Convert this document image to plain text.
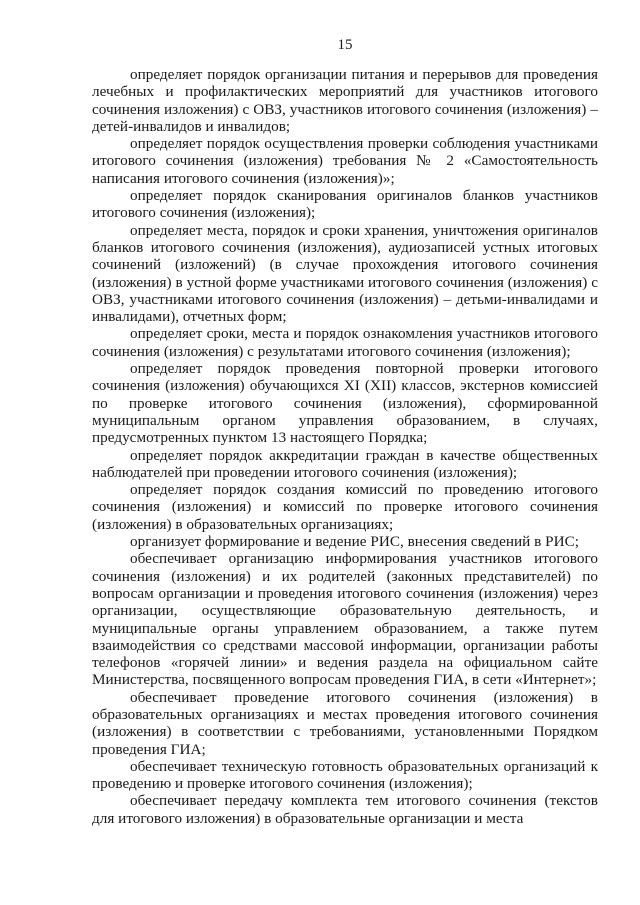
15

определяет порядок организации питания и перерывов для проведения лечебных и профилактических мероприятий для участников итогового сочинения изложения) с ОВЗ, участников итогового сочинения (изложения) – детей-инвалидов и инвалидов;

определяет порядок осуществления проверки соблюдения участниками итогового сочинения (изложения) требования № 2 «Самостоятельность написания итогового сочинения (изложения)»;

определяет порядок сканирования оригиналов бланков участников итогового сочинения (изложения);

определяет места, порядок и сроки хранения, уничтожения оригиналов бланков итогового сочинения (изложения), аудиозаписей устных итоговых сочинений (изложений) (в случае прохождения итогового сочинения (изложения) в устной форме участниками итогового сочинения (изложения) с ОВЗ, участниками итогового сочинения (изложения) – детьми-инвалидами и инвалидами), отчетных форм;

определяет сроки, места и порядок ознакомления участников итогового сочинения (изложения) с результатами итогового сочинения (изложения);

определяет порядок проведения повторной проверки итогового сочинения (изложения) обучающихся XI (XII) классов, экстернов комиссией по проверке итогового сочинения (изложения), сформированной муниципальным органом управления образованием, в случаях, предусмотренных пунктом 13 настоящего Порядка;

определяет порядок аккредитации граждан в качестве общественных наблюдателей при проведении итогового сочинения (изложения);

определяет порядок создания комиссий по проведению итогового сочинения (изложения) и комиссий по проверке итогового сочинения (изложения) в образовательных организациях;

организует формирование и ведение РИС, внесения сведений в РИС;

обеспечивает организацию информирования участников итогового сочинения (изложения) и их родителей (законных представителей) по вопросам организации и проведения итогового сочинения (изложения) через организации, осуществляющие образовательную деятельность, и муниципальные органы управлением образованием, а также путем взаимодействия со средствами массовой информации, организации работы телефонов «горячей линии» и ведения раздела на официальном сайте Министерства, посвященного вопросам проведения ГИА, в сети «Интернет»;

обеспечивает проведение итогового сочинения (изложения) в образовательных организациях и местах проведения итогового сочинения (изложения) в соответствии с требованиями, установленными Порядком проведения ГИА;

обеспечивает техническую готовность образовательных организаций к проведению и проверке итогового сочинения (изложения);

обеспечивает передачу комплекта тем итогового сочинения (текстов для итогового изложения) в образовательные организации и места
